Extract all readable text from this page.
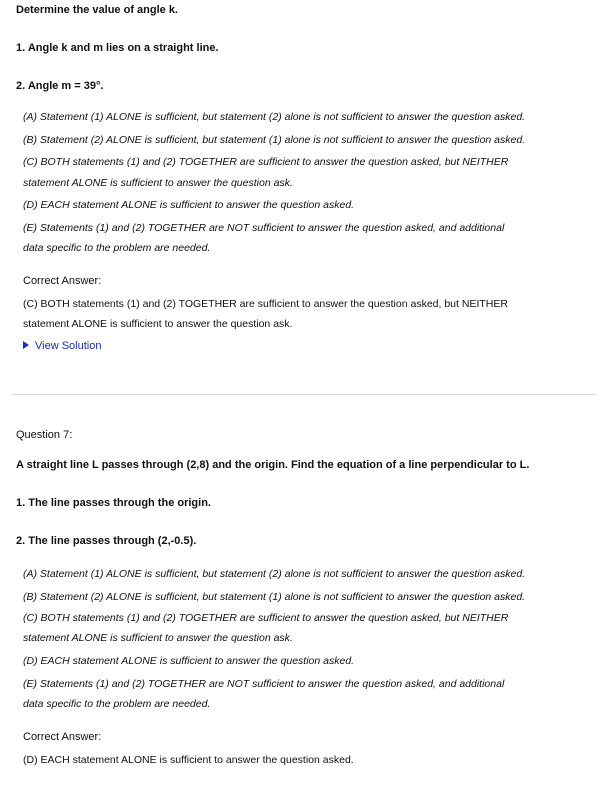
Determine the value of angle k.
1. Angle k and m lies on a straight line.
2. Angle m = 39°.
(A) Statement (1) ALONE is sufficient, but statement (2) alone is not sufficient to answer the question asked.
(B) Statement (2) ALONE is sufficient, but statement (1) alone is not sufficient to answer the question asked.
(C) BOTH statements (1) and (2) TOGETHER are sufficient to answer the question asked, but NEITHER
statement ALONE is sufficient to answer the question ask.
(D) EACH statement ALONE is sufficient to answer the question asked.
(E) Statements (1) and (2) TOGETHER are NOT sufficient to answer the question asked, and additional
data specific to the problem are needed.
Correct Answer:
(C) BOTH statements (1) and (2) TOGETHER are sufficient to answer the question asked, but NEITHER
statement ALONE is sufficient to answer the question ask.
View Solution
Question 7:
A straight line L passes through (2,8) and the origin. Find the equation of a line perpendicular to L.
1. The line passes through the origin.
2. The line passes through (2,-0.5).
(A) Statement (1) ALONE is sufficient, but statement (2) alone is not sufficient to answer the question asked.
(B) Statement (2) ALONE is sufficient, but statement (1) alone is not sufficient to answer the question asked.
(C) BOTH statements (1) and (2) TOGETHER are sufficient to answer the question asked, but NEITHER
statement ALONE is sufficient to answer the question ask.
(D) EACH statement ALONE is sufficient to answer the question asked.
(E) Statements (1) and (2) TOGETHER are NOT sufficient to answer the question asked, and additional
data specific to the problem are needed.
Correct Answer:
(D) EACH statement ALONE is sufficient to answer the question asked.
